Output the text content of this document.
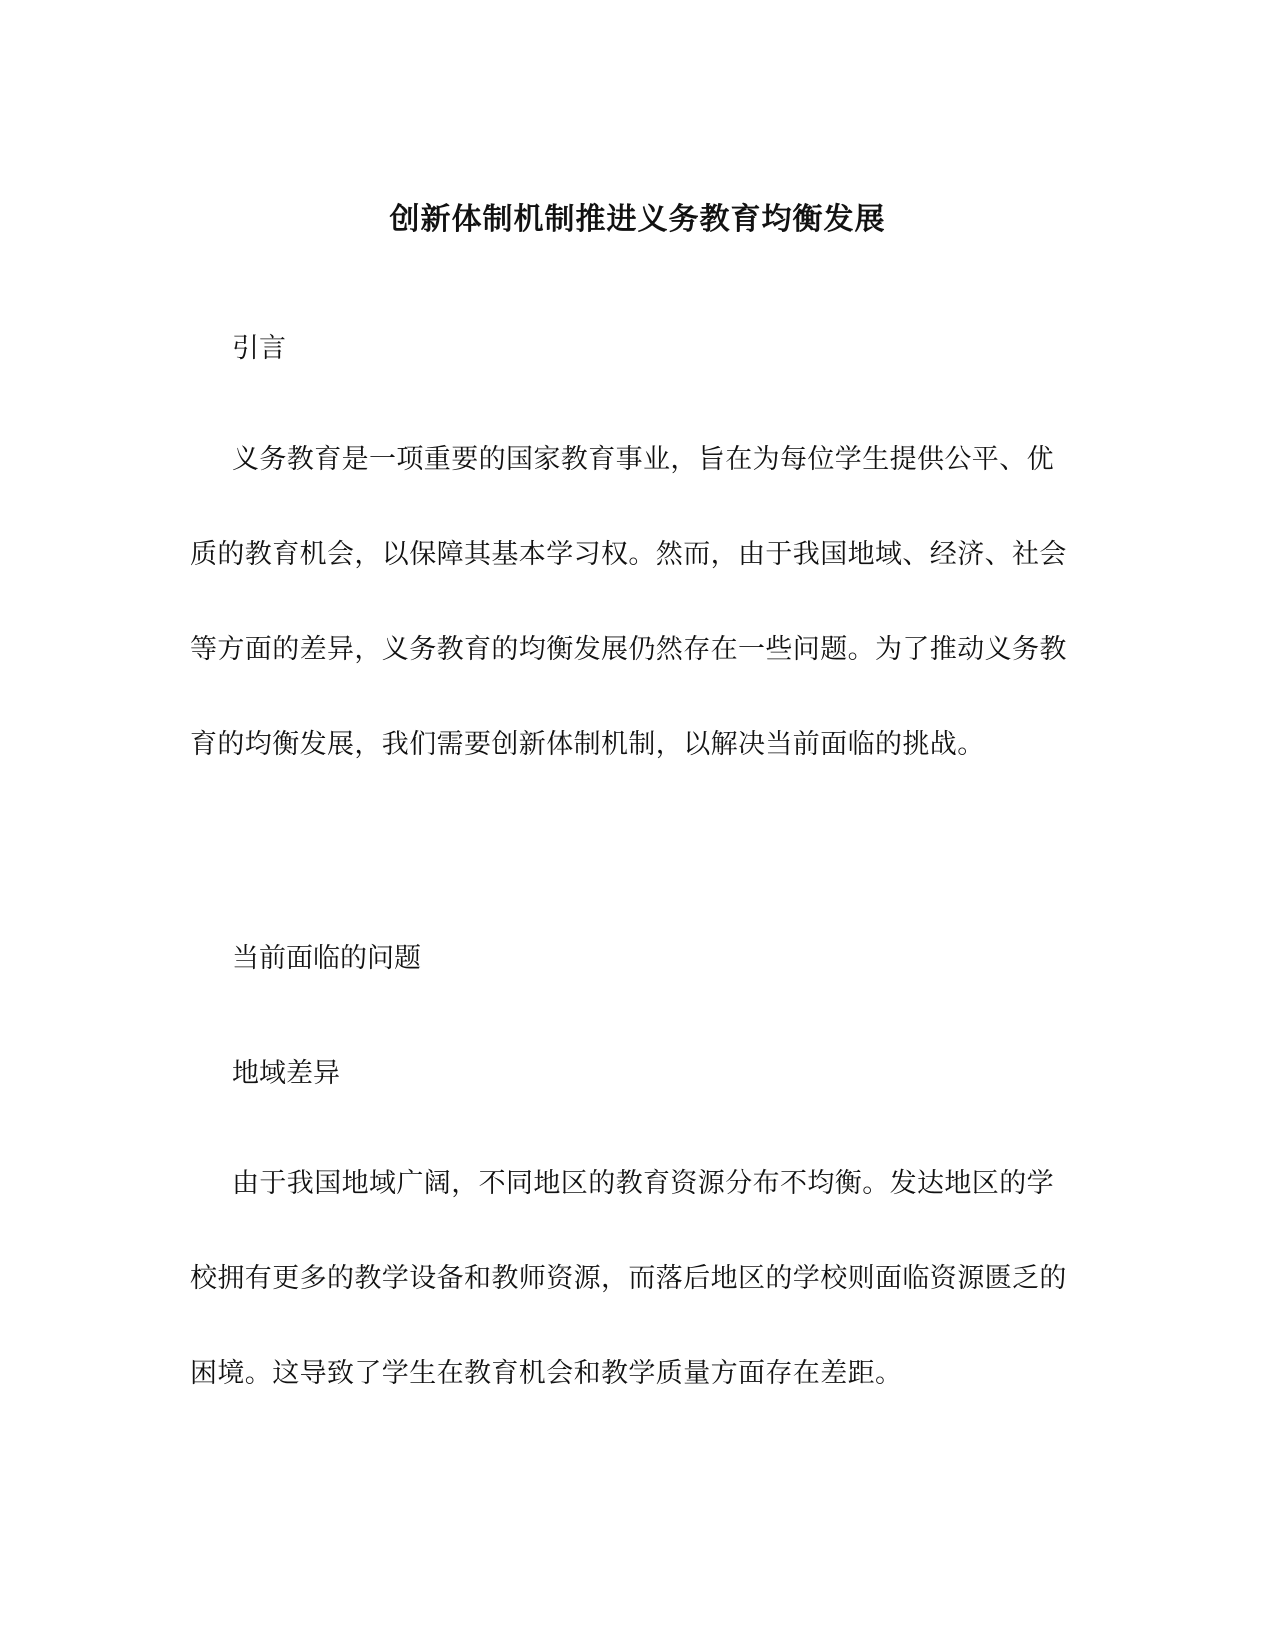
创新体制机制推进义务教育均衡发展
引言

义务教育是一项重要的国家教育事业，旨在为每位学生提供公平、优质的教育机会，以保障其基本学习权。然而，由于我国地域、经济、社会等方面的差异，义务教育的均衡发展仍然存在一些问题。为了推动义务教育的均衡发展，我们需要创新体制机制，以解决当前面临的挑战。

当前面临的问题
地域差异

由于我国地域广阔，不同地区的教育资源分布不均衡。发达地区的学校拥有更多的教学设备和教师资源，而落后地区的学校则面临资源匮乏的困境。这导致了学生在教育机会和教学质量方面存在差距。
